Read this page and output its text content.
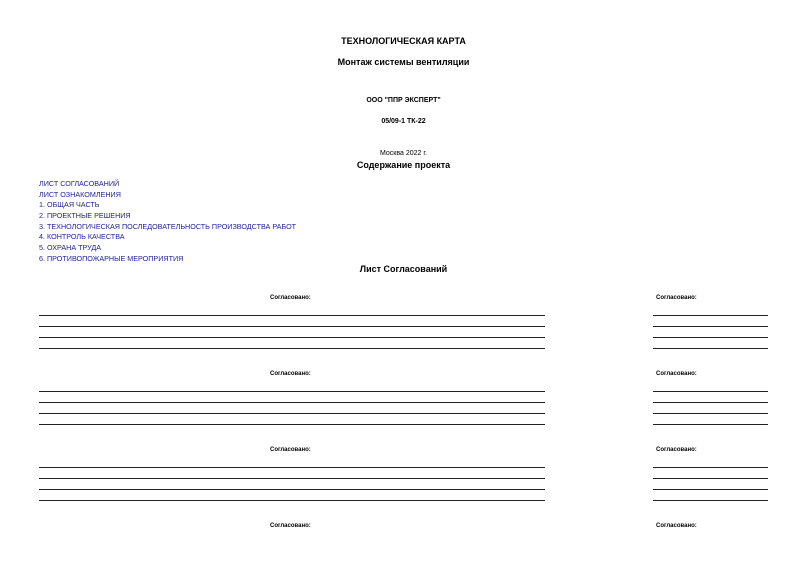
ТЕХНОЛОГИЧЕСКАЯ КАРТА
Монтаж системы вентиляции
ООО "ППР ЭКСПЕРТ"
05/09-1 ТК-22
Москва 2022 г.
Содержание проекта
ЛИСТ СОГЛАСОВАНИЙ
ЛИСТ ОЗНАКОМЛЕНИЯ
1. ОБЩАЯ ЧАСТЬ
2. ПРОЕКТНЫЕ РЕШЕНИЯ
3. ТЕХНОЛОГИЧЕСКАЯ ПОСЛЕДОВАТЕЛЬНОСТЬ ПРОИЗВОДСТВА РАБОТ
4. КОНТРОЛЬ КАЧЕСТВА
5. ОХРАНА ТРУДА
6. ПРОТИВОПОЖАРНЫЕ МЕРОПРИЯТИЯ
Лист Согласований
Согласовано:	Согласовано:
Согласовано:	Согласовано:
Согласовано:	Согласовано:
Согласовано:	Согласовано:
